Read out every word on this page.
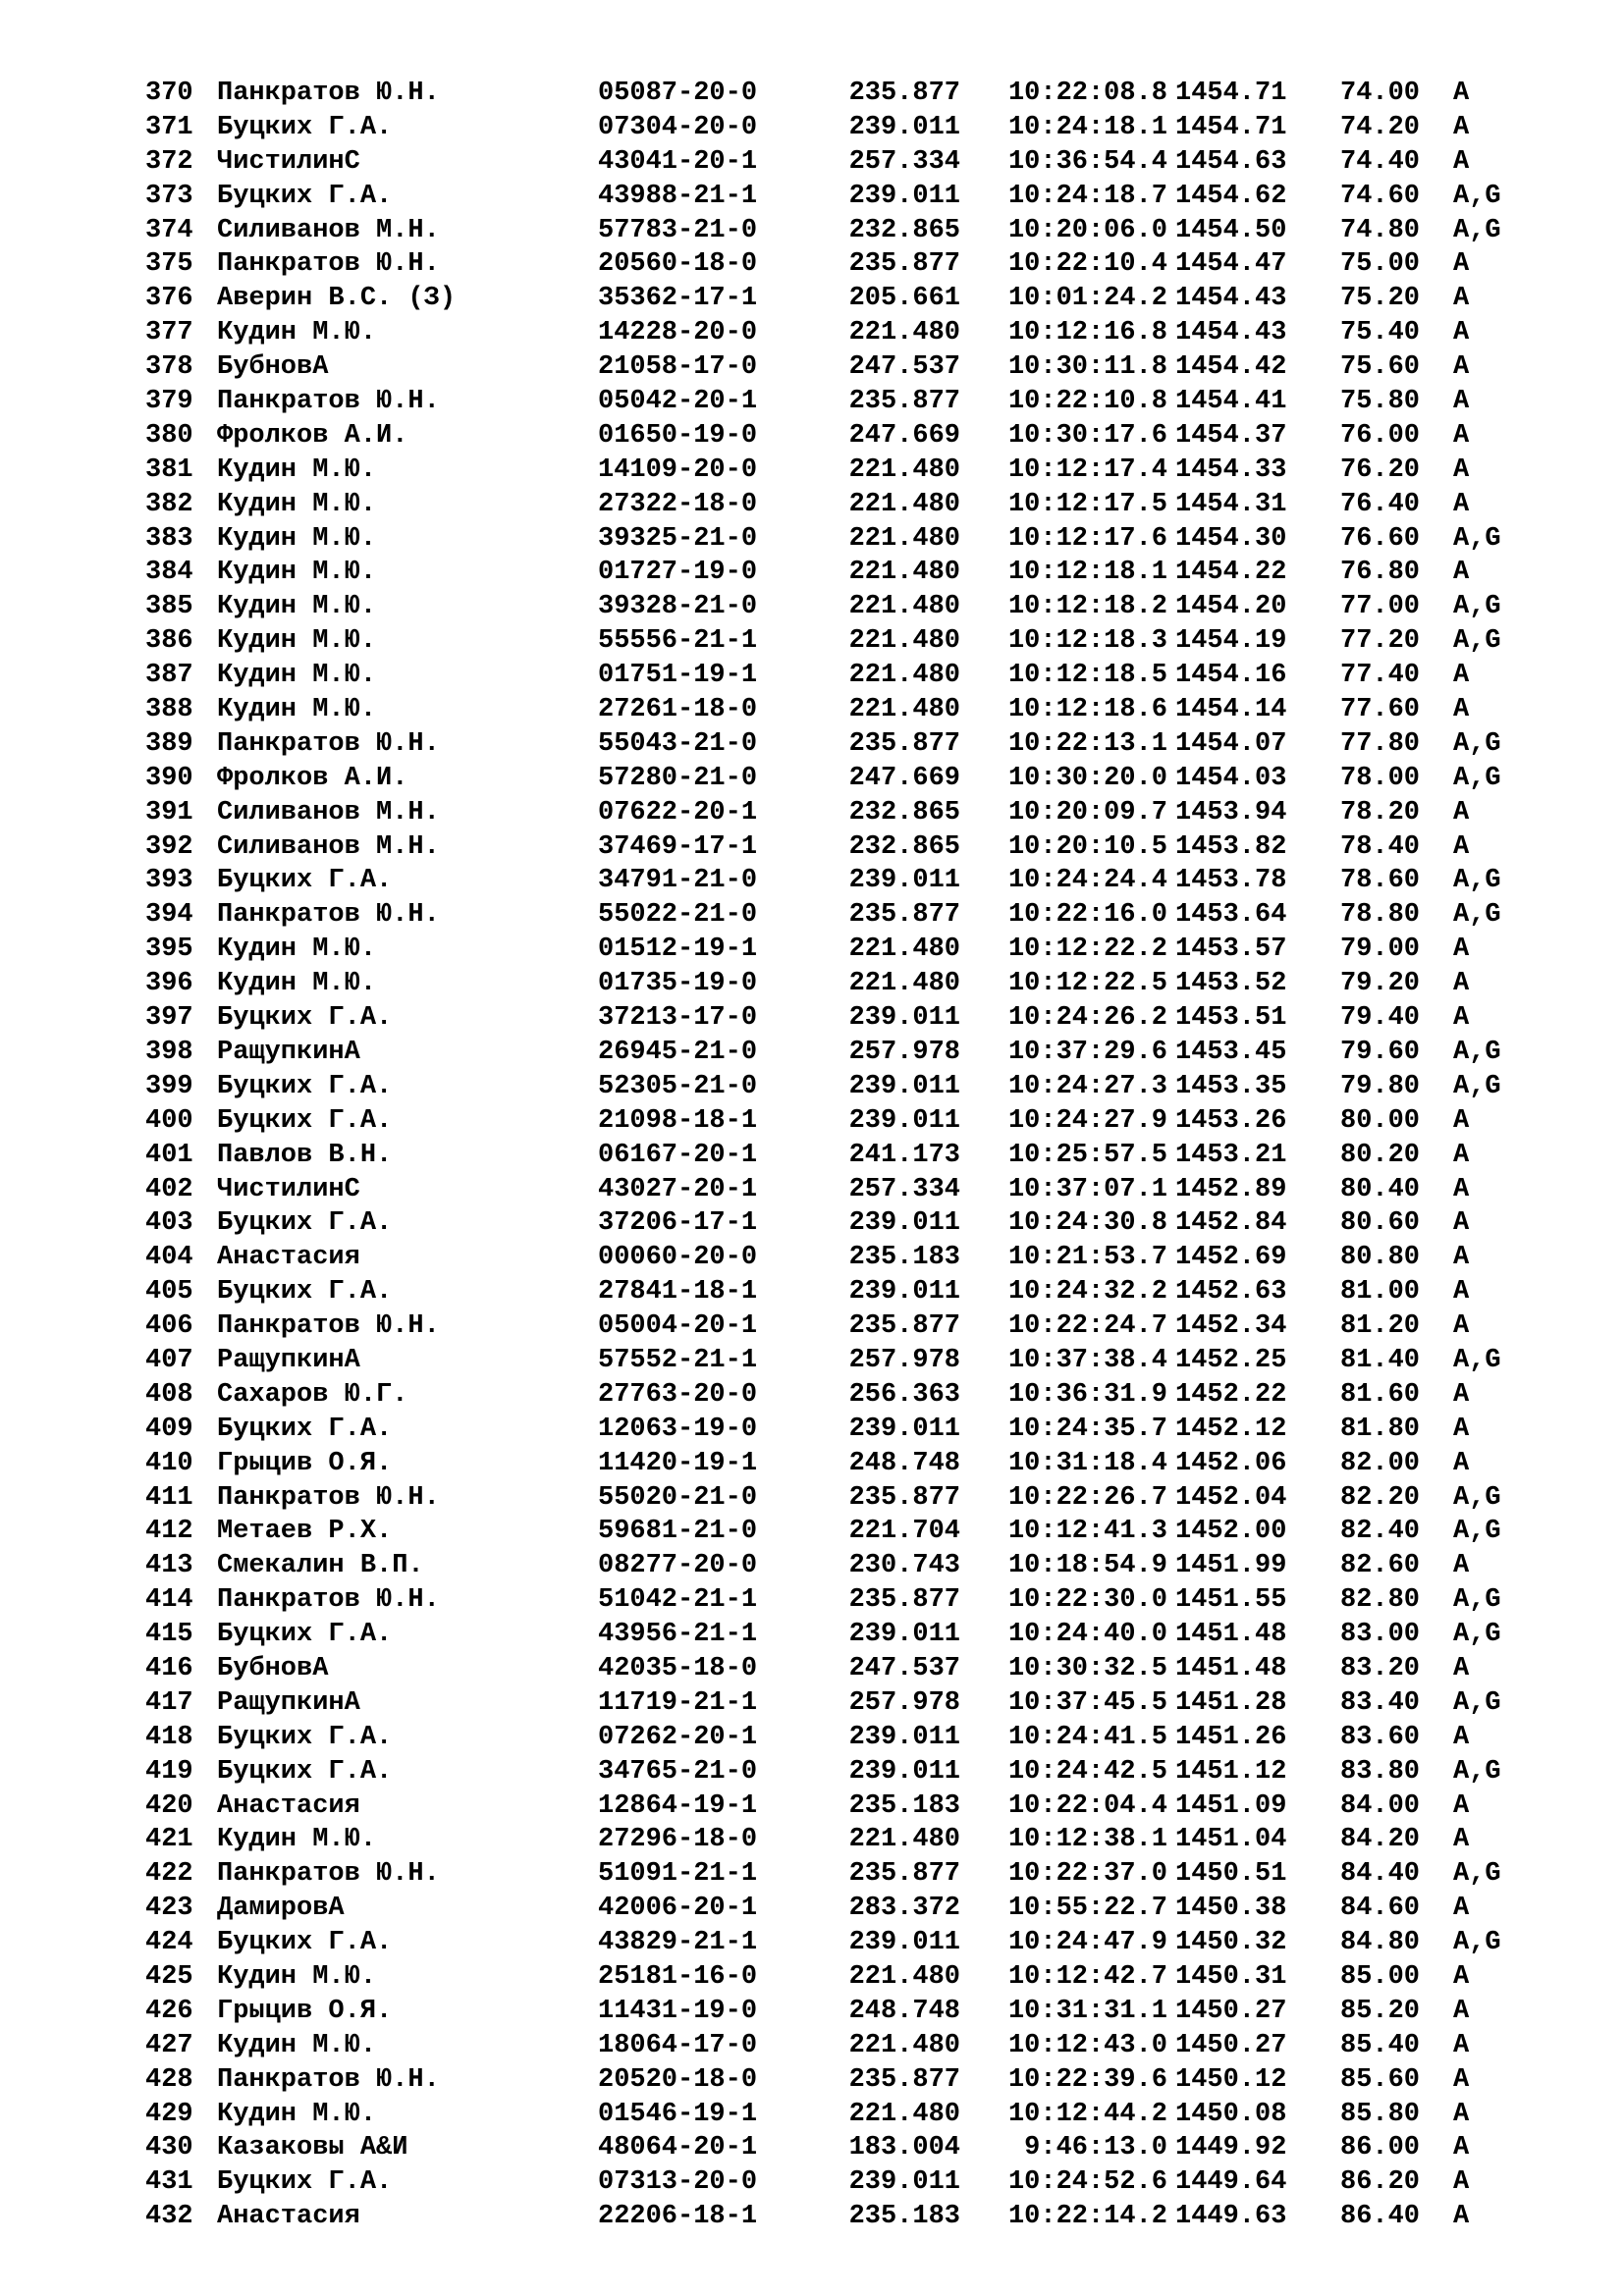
370 Панкратов Ю.Н.	05087-20-0	235.877	10:22:08.8 1454.71 74.00 A
371 Буцких Г.А.	07304-20-0	239.011	10:24:18.1 1454.71 74.20 A
372 ЧистилинС	43041-20-1	257.334	10:36:54.4 1454.63 74.40 A
373 Буцких Г.А.	43988-21-1	239.011	10:24:18.7 1454.62 74.60 A,G
374 Силиванов М.Н.	57783-21-0	232.865	10:20:06.0 1454.50 74.80 A,G
375 Панкратов Ю.Н.	20560-18-0	235.877	10:22:10.4 1454.47 75.00 A
376 Аверин В.С. (З)	35362-17-1	205.661	10:01:24.2 1454.43 75.20 A
377 Кудин М.Ю.	14228-20-0	221.480	10:12:16.8 1454.43 75.40 A
378 БубновА	21058-17-0	247.537	10:30:11.8 1454.42 75.60 A
379 Панкратов Ю.Н.	05042-20-1	235.877	10:22:10.8 1454.41 75.80 A
380 Фролков А.И.	01650-19-0	247.669	10:30:17.6 1454.37 76.00 A
381 Кудин М.Ю.	14109-20-0	221.480	10:12:17.4 1454.33 76.20 A
382 Кудин М.Ю.	27322-18-0	221.480	10:12:17.5 1454.31 76.40 A
383 Кудин М.Ю.	39325-21-0	221.480	10:12:17.6 1454.30 76.60 A,G
384 Кудин М.Ю.	01727-19-0	221.480	10:12:18.1 1454.22 76.80 A
385 Кудин М.Ю.	39328-21-0	221.480	10:12:18.2 1454.20 77.00 A,G
386 Кудин М.Ю.	55556-21-1	221.480	10:12:18.3 1454.19 77.20 A,G
387 Кудин М.Ю.	01751-19-1	221.480	10:12:18.5 1454.16 77.40 A
388 Кудин М.Ю.	27261-18-0	221.480	10:12:18.6 1454.14 77.60 A
389 Панкратов Ю.Н.	55043-21-0	235.877	10:22:13.1 1454.07 77.80 A,G
390 Фролков А.И.	57280-21-0	247.669	10:30:20.0 1454.03 78.00 A,G
391 Силиванов М.Н.	07622-20-1	232.865	10:20:09.7 1453.94 78.20 A
392 Силиванов М.Н.	37469-17-1	232.865	10:20:10.5 1453.82 78.40 A
393 Буцких Г.А.	34791-21-0	239.011	10:24:24.4 1453.78 78.60 A,G
394 Панкратов Ю.Н.	55022-21-0	235.877	10:22:16.0 1453.64 78.80 A,G
395 Кудин М.Ю.	01512-19-1	221.480	10:12:22.2 1453.57 79.00 A
396 Кудин М.Ю.	01735-19-0	221.480	10:12:22.5 1453.52 79.20 A
397 Буцких Г.А.	37213-17-0	239.011	10:24:26.2 1453.51 79.40 A
398 РащупкинА	26945-21-0	257.978	10:37:29.6 1453.45 79.60 A,G
399 Буцких Г.А.	52305-21-0	239.011	10:24:27.3 1453.35 79.80 A,G
400 Буцких Г.А.	21098-18-1	239.011	10:24:27.9 1453.26 80.00 A
401 Павлов В.Н.	06167-20-1	241.173	10:25:57.5 1453.21 80.20 A
402 ЧистилинС	43027-20-1	257.334	10:37:07.1 1452.89 80.40 A
403 Буцких Г.А.	37206-17-1	239.011	10:24:30.8 1452.84 80.60 A
404 Анастасия	00060-20-0	235.183	10:21:53.7 1452.69 80.80 A
405 Буцких Г.А.	27841-18-1	239.011	10:24:32.2 1452.63 81.00 A
406 Панкратов Ю.Н.	05004-20-1	235.877	10:22:24.7 1452.34 81.20 A
407 РащупкинА	57552-21-1	257.978	10:37:38.4 1452.25 81.40 A,G
408 Сахаров Ю.Г.	27763-20-0	256.363	10:36:31.9 1452.22 81.60 A
409 Буцких Г.А.	12063-19-0	239.011	10:24:35.7 1452.12 81.80 A
410 Грыцив О.Я.	11420-19-1	248.748	10:31:18.4 1452.06 82.00 A
411 Панкратов Ю.Н.	55020-21-0	235.877	10:22:26.7 1452.04 82.20 A,G
412 Метаев Р.Х.	59681-21-0	221.704	10:12:41.3 1452.00 82.40 A,G
413 Смекалин В.П.	08277-20-0	230.743	10:18:54.9 1451.99 82.60 A
414 Панкратов Ю.Н.	51042-21-1	235.877	10:22:30.0 1451.55 82.80 A,G
415 Буцких Г.А.	43956-21-1	239.011	10:24:40.0 1451.48 83.00 A,G
416 БубновА	42035-18-0	247.537	10:30:32.5 1451.48 83.20 A
417 РащупкинА	11719-21-1	257.978	10:37:45.5 1451.28 83.40 A,G
418 Буцких Г.А.	07262-20-1	239.011	10:24:41.5 1451.26 83.60 A
419 Буцких Г.А.	34765-21-0	239.011	10:24:42.5 1451.12 83.80 A,G
420 Анастасия	12864-19-1	235.183	10:22:04.4 1451.09 84.00 A
421 Кудин М.Ю.	27296-18-0	221.480	10:12:38.1 1451.04 84.20 A
422 Панкратов Ю.Н.	51091-21-1	235.877	10:22:37.0 1450.51 84.40 A,G
423 ДамировА	42006-20-1	283.372	10:55:22.7 1450.38 84.60 A
424 Буцких Г.А.	43829-21-1	239.011	10:24:47.9 1450.32 84.80 A,G
425 Кудин М.Ю.	25181-16-0	221.480	10:12:42.7 1450.31 85.00 A
426 Грыцив О.Я.	11431-19-0	248.748	10:31:31.1 1450.27 85.20 A
427 Кудин М.Ю.	18064-17-0	221.480	10:12:43.0 1450.27 85.40 A
428 Панкратов Ю.Н.	20520-18-0	235.877	10:22:39.6 1450.12 85.60 A
429 Кудин М.Ю.	01546-19-1	221.480	10:12:44.2 1450.08 85.80 A
430 Казаковы А&И	48064-20-1	183.004	9:46:13.0 1449.92 86.00 A
431 Буцких Г.А.	07313-20-0	239.011	10:24:52.6 1449.64 86.20 A
432 Анастасия	22206-18-1	235.183	10:22:14.2 1449.63 86.40 A
